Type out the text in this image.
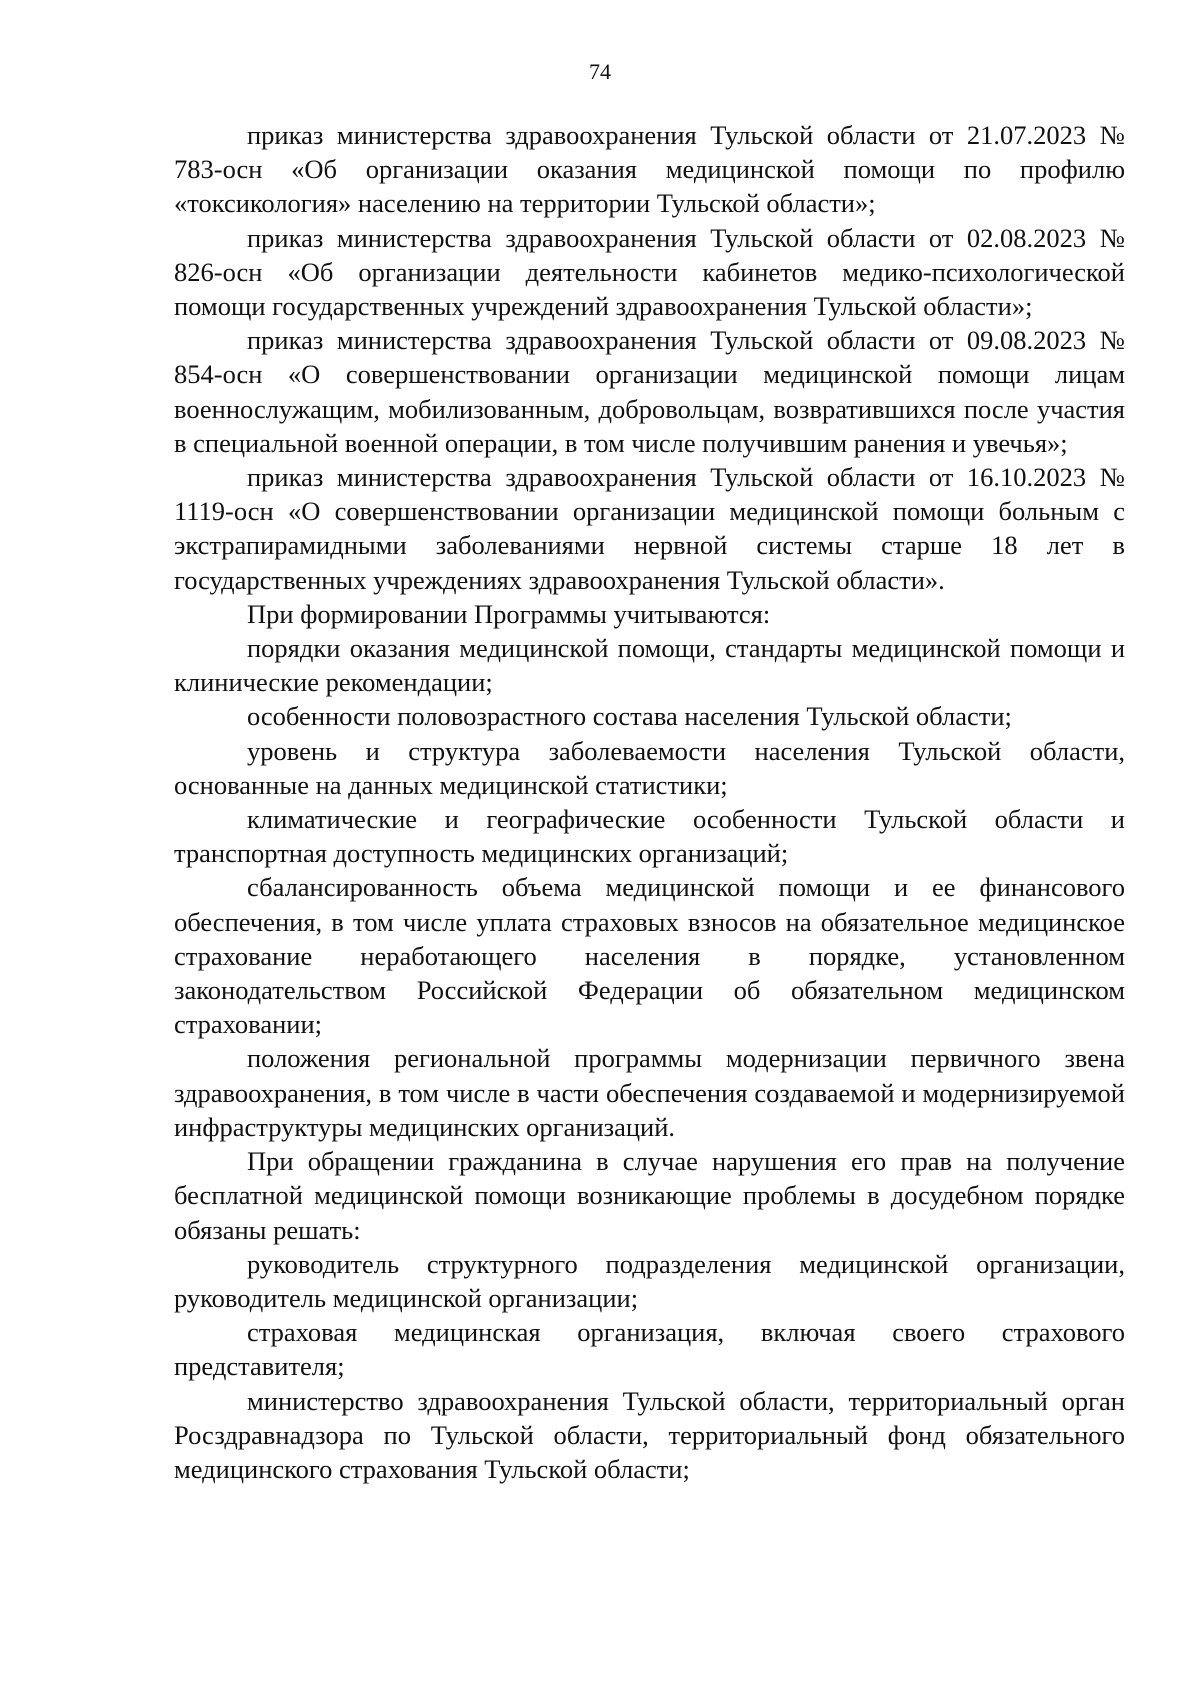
74

приказ министерства здравоохранения Тульской области от 21.07.2023 № 783-осн «Об организации оказания медицинской помощи по профилю «токсикология» населению на территории Тульской области»;

приказ министерства здравоохранения Тульской области от 02.08.2023 № 826-осн «Об организации деятельности кабинетов медико-психологической помощи государственных учреждений здравоохранения Тульской области»;

приказ министерства здравоохранения Тульской области от 09.08.2023 № 854-осн «О совершенствовании организации медицинской помощи лицам военнослужащим, мобилизованным, добровольцам, возвратившихся после участия в специальной военной операции, в том числе получившим ранения и увечья»;

приказ министерства здравоохранения Тульской области от 16.10.2023 № 1119-осн «О совершенствовании организации медицинской помощи больным с экстрапирамидными заболеваниями нервной системы старше 18 лет в государственных учреждениях здравоохранения Тульской области».

При формировании Программы учитываются:

порядки оказания медицинской помощи, стандарты медицинской помощи и клинические рекомендации;

особенности половозрастного состава населения Тульской области;

уровень и структура заболеваемости населения Тульской области, основанные на данных медицинской статистики;

климатические и географические особенности Тульской области и транспортная доступность медицинских организаций;

сбалансированность объема медицинской помощи и ее финансового обеспечения, в том числе уплата страховых взносов на обязательное медицинское страхование неработающего населения в порядке, установленном законодательством Российской Федерации об обязательном медицинском страховании;

положения региональной программы модернизации первичного звена здравоохранения, в том числе в части обеспечения создаваемой и модернизируемой инфраструктуры медицинских организаций.

При обращении гражданина в случае нарушения его прав на получение бесплатной медицинской помощи возникающие проблемы в досудебном порядке обязаны решать:

руководитель структурного подразделения медицинской организации, руководитель медицинской организации;

страховая медицинская организация, включая своего страхового представителя;

министерство здравоохранения Тульской области, территориальный орган Росздравнадзора по Тульской области, территориальный фонд обязательного медицинского страхования Тульской области;
